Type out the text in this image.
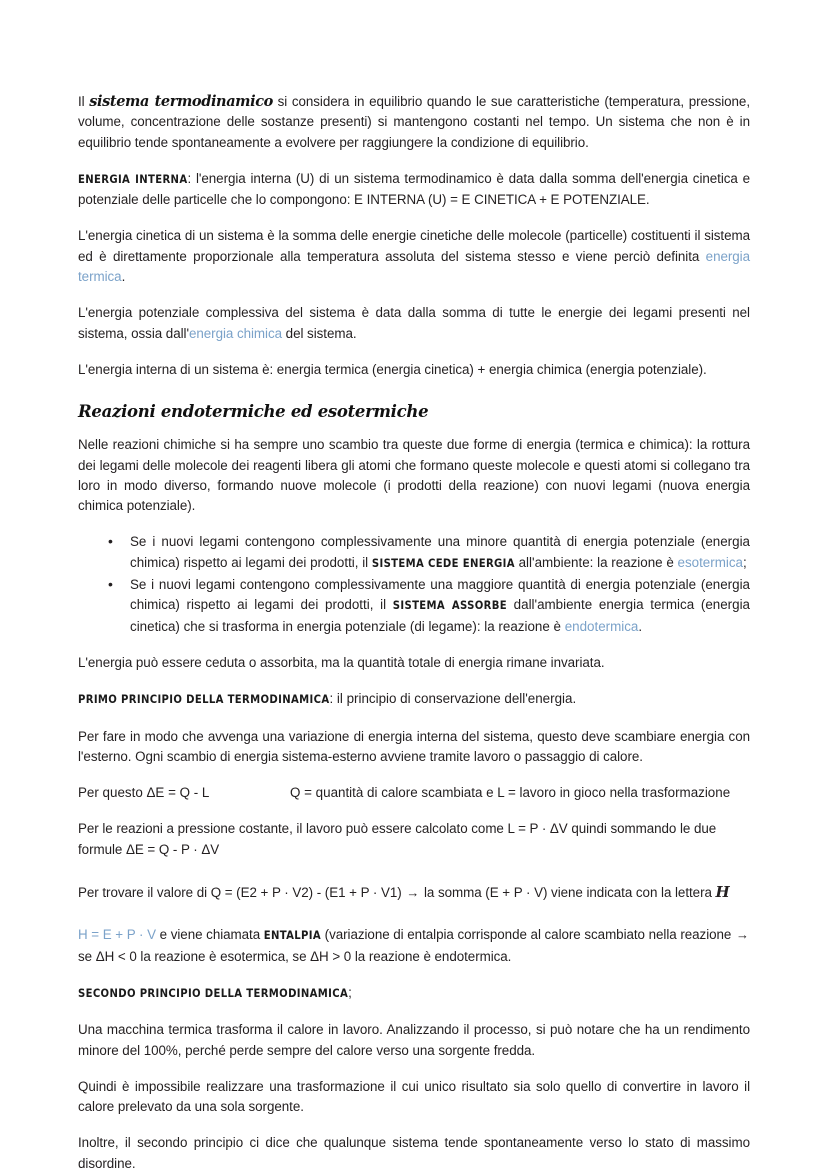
Il sistema termodinamico si considera in equilibrio quando le sue caratteristiche (temperatura, pressione, volume, concentrazione delle sostanze presenti) si mantengono costanti nel tempo. Un sistema che non è in equilibrio tende spontaneamente a evolvere per raggiungere la condizione di equilibrio.

ENERGIA INTERNA: l'energia interna (U) di un sistema termodinamico è data dalla somma dell'energia cinetica e potenziale delle particelle che lo compongono: E INTERNA (U) = E CINETICA + E POTENZIALE.

L'energia cinetica di un sistema è la somma delle energie cinetiche delle molecole (particelle) costituenti il sistema ed è direttamente proporzionale alla temperatura assoluta del sistema stesso e viene perciò definita energia termica.

L'energia potenziale complessiva del sistema è data dalla somma di tutte le energie dei legami presenti nel sistema, ossia dall'energia chimica del sistema.

L'energia interna di un sistema è: energia termica (energia cinetica) + energia chimica (energia potenziale).

Reazioni endotermiche ed esotermiche

Nelle reazioni chimiche si ha sempre uno scambio tra queste due forme di energia (termica e chimica): la rottura dei legami delle molecole dei reagenti libera gli atomi che formano queste molecole e questi atomi si collegano tra loro in modo diverso, formando nuove molecole (i prodotti della reazione) con nuovi legami (nuova energia chimica potenziale).

• Se i nuovi legami contengono complessivamente una minore quantità di energia potenziale (energia chimica) rispetto ai legami dei prodotti, il SISTEMA CEDE ENERGIA all'ambiente: la reazione è esotermica;
• Se i nuovi legami contengono complessivamente una maggiore quantità di energia potenziale (energia chimica) rispetto ai legami dei prodotti, il SISTEMA ASSORBE dall'ambiente energia termica (energia cinetica) che si trasforma in energia potenziale (di legame): la reazione è endotermica.

L'energia può essere ceduta o assorbita, ma la quantità totale di energia rimane invariata.

PRIMO PRINCIPIO DELLA TERMODINAMICA: il principio di conservazione dell'energia.

Per fare in modo che avvenga una variazione di energia interna del sistema, questo deve scambiare energia con l'esterno. Ogni scambio di energia sistema-esterno avviene tramite lavoro o passaggio di calore.

Per questo ΔE = Q - L	Q = quantità di calore scambiata e L = lavoro in gioco nella trasformazione

Per le reazioni a pressione costante, il lavoro può essere calcolato come L = P · ΔV quindi sommando le due formule ΔE = Q - P · ΔV

Per trovare il valore di Q = (E2 + P · V2) - (E1 + P · V1) → la somma (E + P · V) viene indicata con la lettera H

H = E + P · V e viene chiamata ENTALPIA (variazione di entalpia corrisponde al calore scambiato nella reazione → se ΔH < 0 la reazione è esotermica, se ΔH > 0 la reazione è endotermica.

SECONDO PRINCIPIO DELLA TERMODINAMICA;

Una macchina termica trasforma il calore in lavoro. Analizzando il processo, si può notare che ha un rendimento minore del 100%, perché perde sempre del calore verso una sorgente fredda.

Quindi è impossibile realizzare una trasformazione il cui unico risultato sia solo quello di convertire in lavoro il calore prelevato da una sola sorgente.

Inoltre, il secondo principio ci dice che qualunque sistema tende spontaneamente verso lo stato di massimo disordine.
